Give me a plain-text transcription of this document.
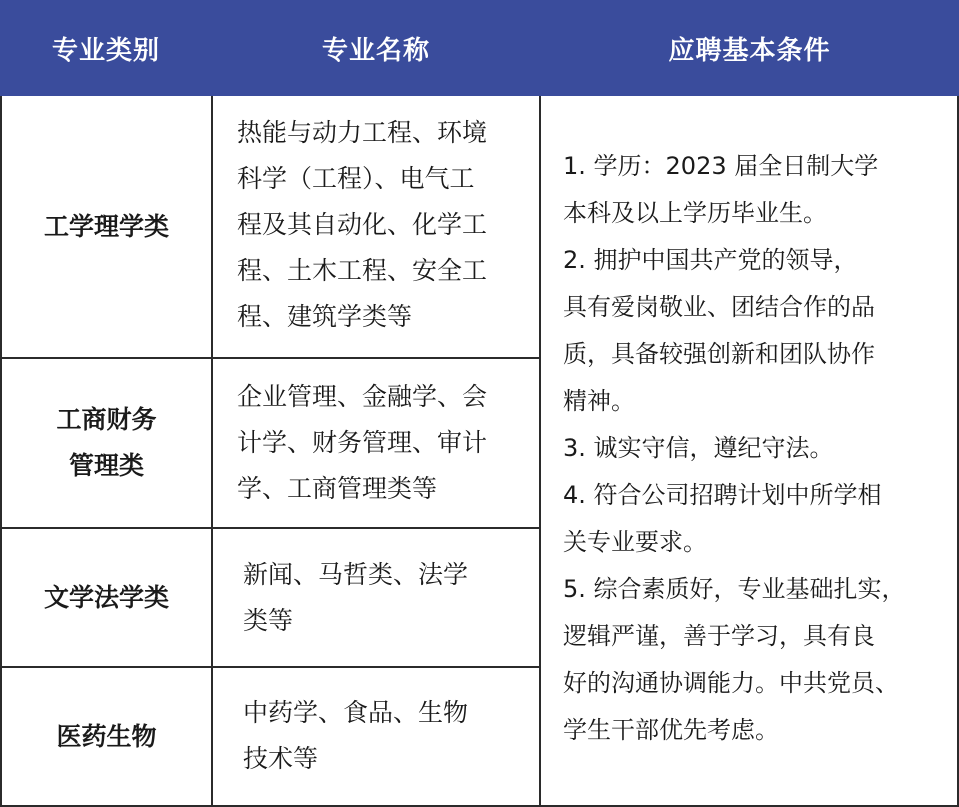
专业类别	专业名称	应聘基本条件
工学理学类
工商财务
管理类
文学法学类
医药生物
热能与动力工程、环境
科学（工程）、电气工
程及其自动化、化学工
程、土木工程、安全工
程、建筑学类等
企业管理、金融学、会
计学、财务管理、审计
学、工商管理类等
新闻、马哲类、法学
类等
中药学、食品、生物
技术等

1. 学历：2023 届全日制大学

本科及以上学历毕业生。

2. 拥护中国共产党的领导，

具有爱岗敬业、团结合作的品

质，具备较强创新和团队协作

精神。

3. 诚实守信，遵纪守法。

4. 符合公司招聘计划中所学相

关专业要求。

5. 综合素质好，专业基础扎实，

逻辑严谨，善于学习，具有良

好的沟通协调能力。中共党员、

学生干部优先考虑。
